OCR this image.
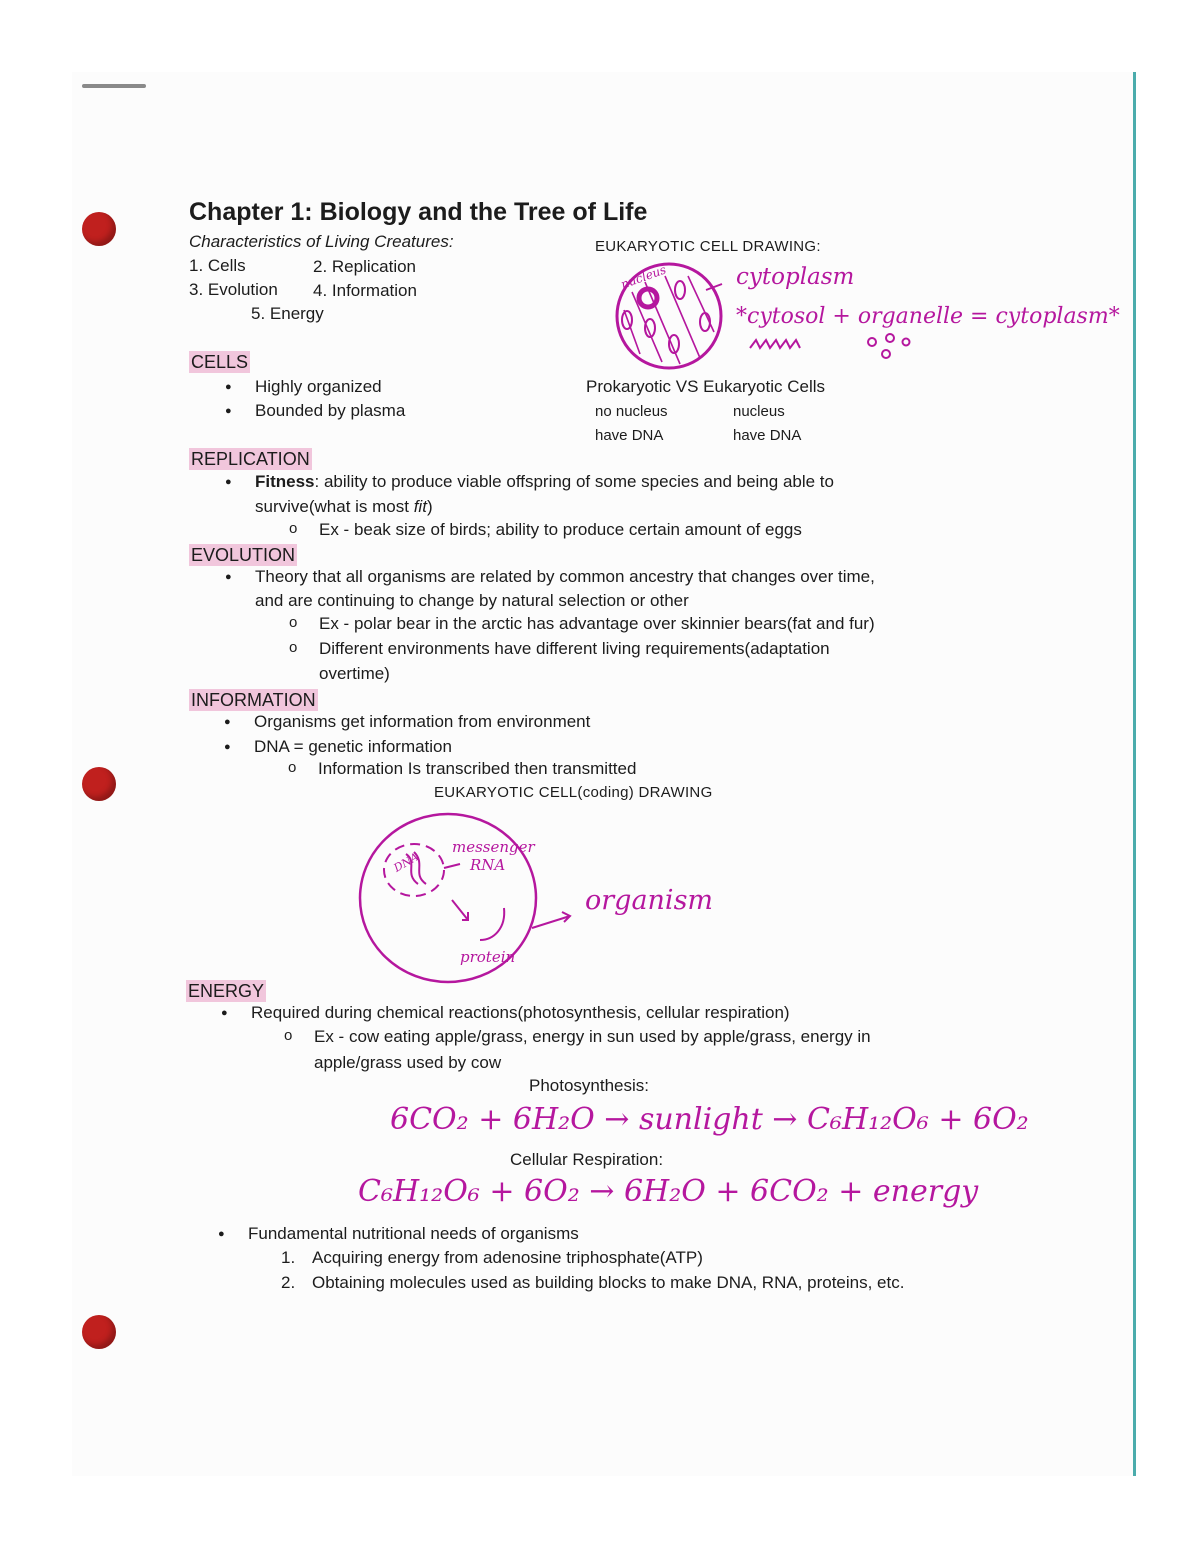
Chapter 1: Biology and the Tree of Life
Characteristics of Living Creatures:
1. Cells	2. Replication
3. Evolution 4. Information
5. Energy
EUKARYOTIC CELL DRAWING:
nucleus	cytoplasm
*cytosol + organelle = cytoplasm*
Prokaryotic VS Eukaryotic Cells
no nucleus
have DNA
nucleus
have DNA
CELLS
● Highly organized
● Bounded by plasma
REPLICATION
● Fitness: ability to produce viable offspring of some species and being able to
survive(what is most fit)
o Ex - beak size of birds; ability to produce certain amount of eggs
EVOLUTION
● Theory that all organisms are related by common ancestry that changes over time,
and are continuing to change by natural selection or other
o Ex - polar bear in the arctic has advantage over skinnier bears(fat and fur)
o Different environments have different living requirements(adaptation
overtime)
INFORMATION
● Organisms get information from environment
● DNA = genetic information
o Information Is transcribed then transmitted
EUKARYOTIC CELL(coding) DRAWING
DNA
messenger
RNA
protein
organism
ENERGY
● Required during chemical reactions(photosynthesis, cellular respiration)
o Ex - cow eating apple/grass, energy in sun used by apple/grass, energy in
apple/grass used by cow
Photosynthesis:
6CO₂ + 6H₂O → sunlight → C₆H₁₂O₆ + 6O₂
Cellular Respiration:
C₆H₁₂O₆ + 6O₂ → 6H₂O + 6CO₂ + energy
● Fundamental nutritional needs of organisms
1. Acquiring energy from adenosine triphosphate(ATP)
2. Obtaining molecules used as building blocks to make DNA, RNA, proteins, etc.
